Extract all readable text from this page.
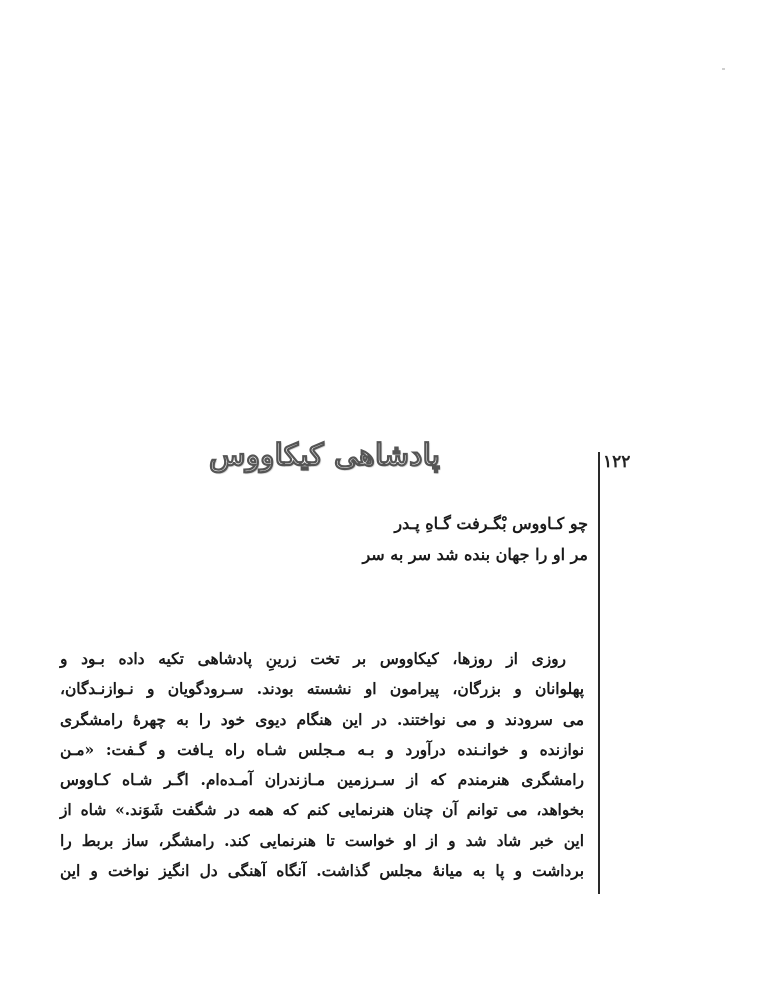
۱۲۲
پادشاهی کیکاووس
چو کـاووس بْگـرفت گـاهِ پـدر
مر او را جهان بنده شد سر به سر
روزی از روزها، کیکاووس بر تخت زرینِ پادشاهی تکیه داده بـود و
پهلوانان و بزرگان، پیرامون او نشسته بودند. سـرودگویان و نـوازنـدگان،
می سرودند و می نواختند. در این هنگام دیوی خود را به چهرۀ رامشگری
نوازنده و خوانـنده درآورد و بـه مـجلس شـاه راه یـافت و گـفت: «مـن
رامشگری هنرمندم که از سـرزمین مـازندران آمـده‌ام. اگـر شـاه کـاووس
بخواهد، می توانم آن چنان هنرنمایی کنم که همه در شگفت شَوَند.» شاه از
این خبر شاد شد و از او خواست تا هنرنمایی کند. رامشگر، ساز بربط را
برداشت و پا به میانۀ مجلس گذاشت. آنگاه آهنگی دل انگیز نواخت و این
